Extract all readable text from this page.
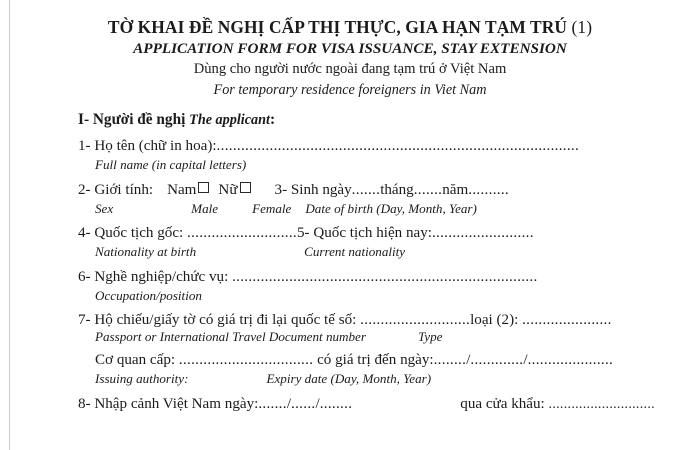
TỜ KHAI ĐỀ NGHỊ CẤP THỊ THỰC, GIA HẠN TẠM TRÚ (1)
APPLICATION FORM FOR VISA ISSUANCE, STAY EXTENSION
Dùng cho người nước ngoài đang tạm trú ở Việt Nam
For temporary residence foreigners in Viet Nam
I- Người đề nghị The applicant:
1- Họ tên (chữ in hoa):.........................................................................................
Full name (in capital letters)
2- Giới tính: Nam Nữ 3- Sinh ngày.......tháng.......năm..........
Sex	Male	Female Date of birth (Day, Month, Year)
4- Quốc tịch gốc: ...........................5- Quốc tịch hiện nay:.........................
Nationality at birth	Current nationality
6- Nghề nghiệp/chức vụ: ...........................................................................
Occupation/position
7- Hộ chiếu/giấy tờ có giá trị đi lại quốc tế số: ...........................loại (2): ......................
Passport or International Travel Document number	Type
Cơ quan cấp: ................................. có giá trị đến ngày:......../............./.....................
Issuing authority:	Expiry date (Day, Month, Year)
8- Nhập cảnh Việt Nam ngày:......./....../........	qua cửa khẩu: ............................
